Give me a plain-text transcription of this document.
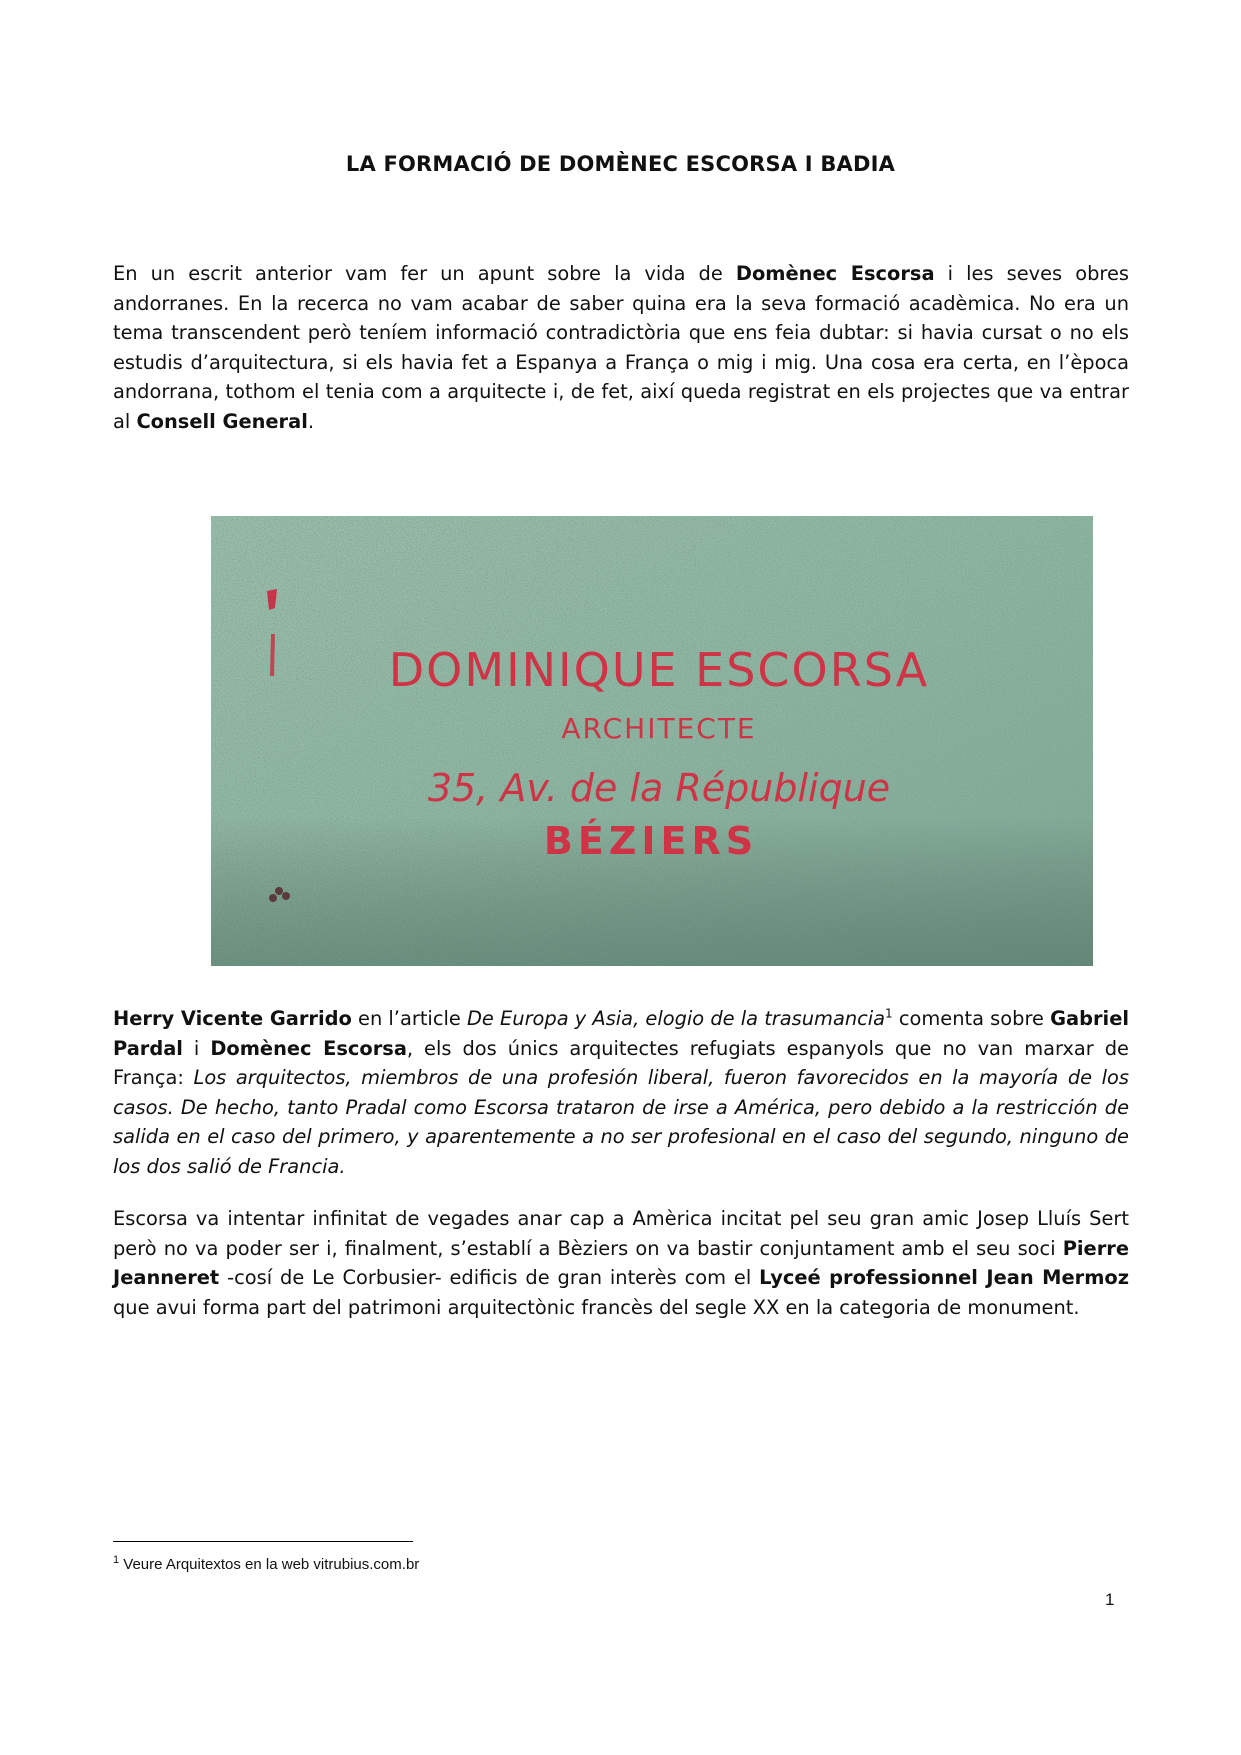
LA FORMACIÓ DE DOMÈNEC ESCORSA I BADIA
En un escrit anterior vam fer un apunt sobre la vida de Domènec Escorsa i les seves obres andorranes. En la recerca no vam acabar de saber quina era la seva formació acadèmica. No era un tema transcendent però teníem informació contradictòria que ens feia dubtar: si havia cursat o no els estudis d’arquitectura, si els havia fet a Espanya a França o mig i mig. Una cosa era certa, en l’època andorrana, tothom el tenia com a arquitecte i, de fet, així queda registrat en els projectes que va entrar al Consell General.
DOMINIQUE ESCORSA
ARCHITECTE
35, Av. de la République
BÉZIERS
Herry Vicente Garrido en l’article De Europa y Asia, elogio de la trasumancia$^1$ comenta sobre Gabriel Pardal i Domènec Escorsa, els dos únics arquitectes refugiats espanyols que no van marxar de França: Los arquitectos, miembros de una profesión liberal, fueron favorecidos en la mayoría de los casos. De hecho, tanto Pradal como Escorsa trataron de irse a América, pero debido a la restricción de salida en el caso del primero, y aparentemente a no ser profesional en el caso del segundo, ninguno de los dos salió de Francia.
Escorsa va intentar infinitat de vegades anar cap a Amèrica incitat pel seu gran amic Josep Lluís Sert però no va poder ser i, finalment, s’establí a Bèziers on va bastir conjuntament amb el seu soci Pierre Jeanneret -cosí de Le Corbusier- edificis de gran interès com el Lyceé professionnel Jean Mermoz que avui forma part del patrimoni arquitectònic francès del segle XX en la categoria de monument.
$^1$ Veure Arquitextos en la web vitrubius.com.br
1
